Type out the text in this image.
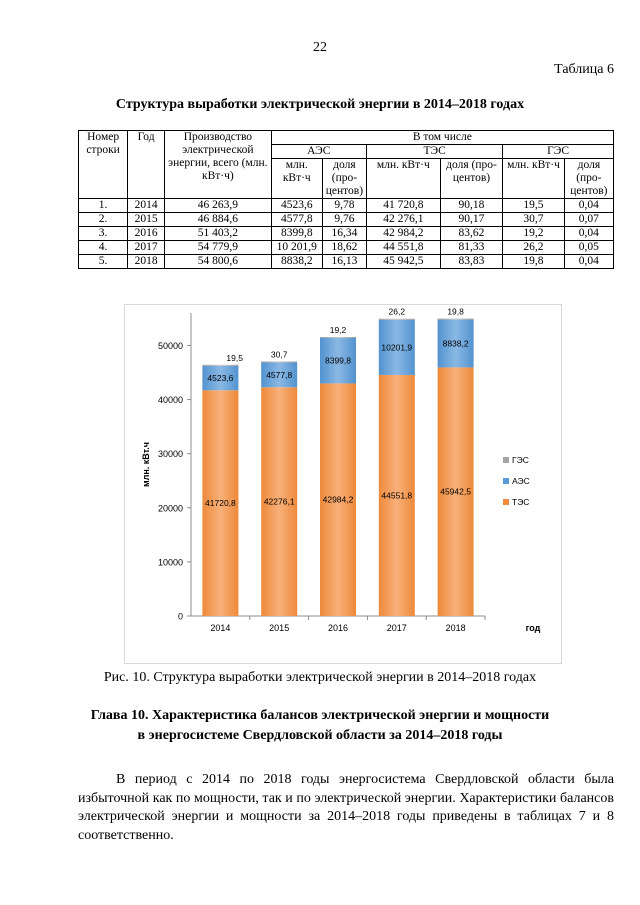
22
Таблица 6
Структура выработки электрической энергии в 2014–2018 годах
Номер строки	Год	Производство электрической энергии, всего (млн. кВт·ч)	В том числе					
			АЭС		ТЭС		ГЭС	
			млн. кВт·ч	доля (про-центов)	млн. кВт·ч	доля (про-центов)	млн. кВт·ч	доля (про-центов)
1.	2014	46 263,9	4523,6	9,78	41 720,8	90,18	19,5	0,04
2.	2015	46 884,6	4577,8	9,76	42 276,1	90,17	30,7	0,07
3.	2016	51 403,2	8399,8	16,34	42 984,2	83,62	19,2	0,04
4.	2017	54 779,9	10 201,9	18,62	44 551,8	81,33	26,2	0,05
5.	2018	54 800,6	8838,2	16,13	45 942,5	83,83	19,8	0,04
0
10000
20000
30000
40000
50000
млн. кВт.ч
год
2014
41720,8
4523,6
19,5
2015
42276,1
4577,8
30,7
2016
42984,2
8399,8
19,2
2017
44551,8
10201,9
26,2
2018
45942,5
8838,2
19,8
ГЭС
АЭС
ТЭС
Рис. 10. Структура выработки электрической энергии в 2014–2018 годах
Глава 10. Характеристика балансов электрической энергии и мощности
в энергосистеме Свердловской области за 2014–2018 годы

В период с 2014 по 2018 годы энергосистема Свердловской области была избыточной как по мощности, так и по электрической энергии. Характеристики балансов электрической энергии и мощности за 2014–2018 годы приведены в таблицах 7 и 8 соответственно.
